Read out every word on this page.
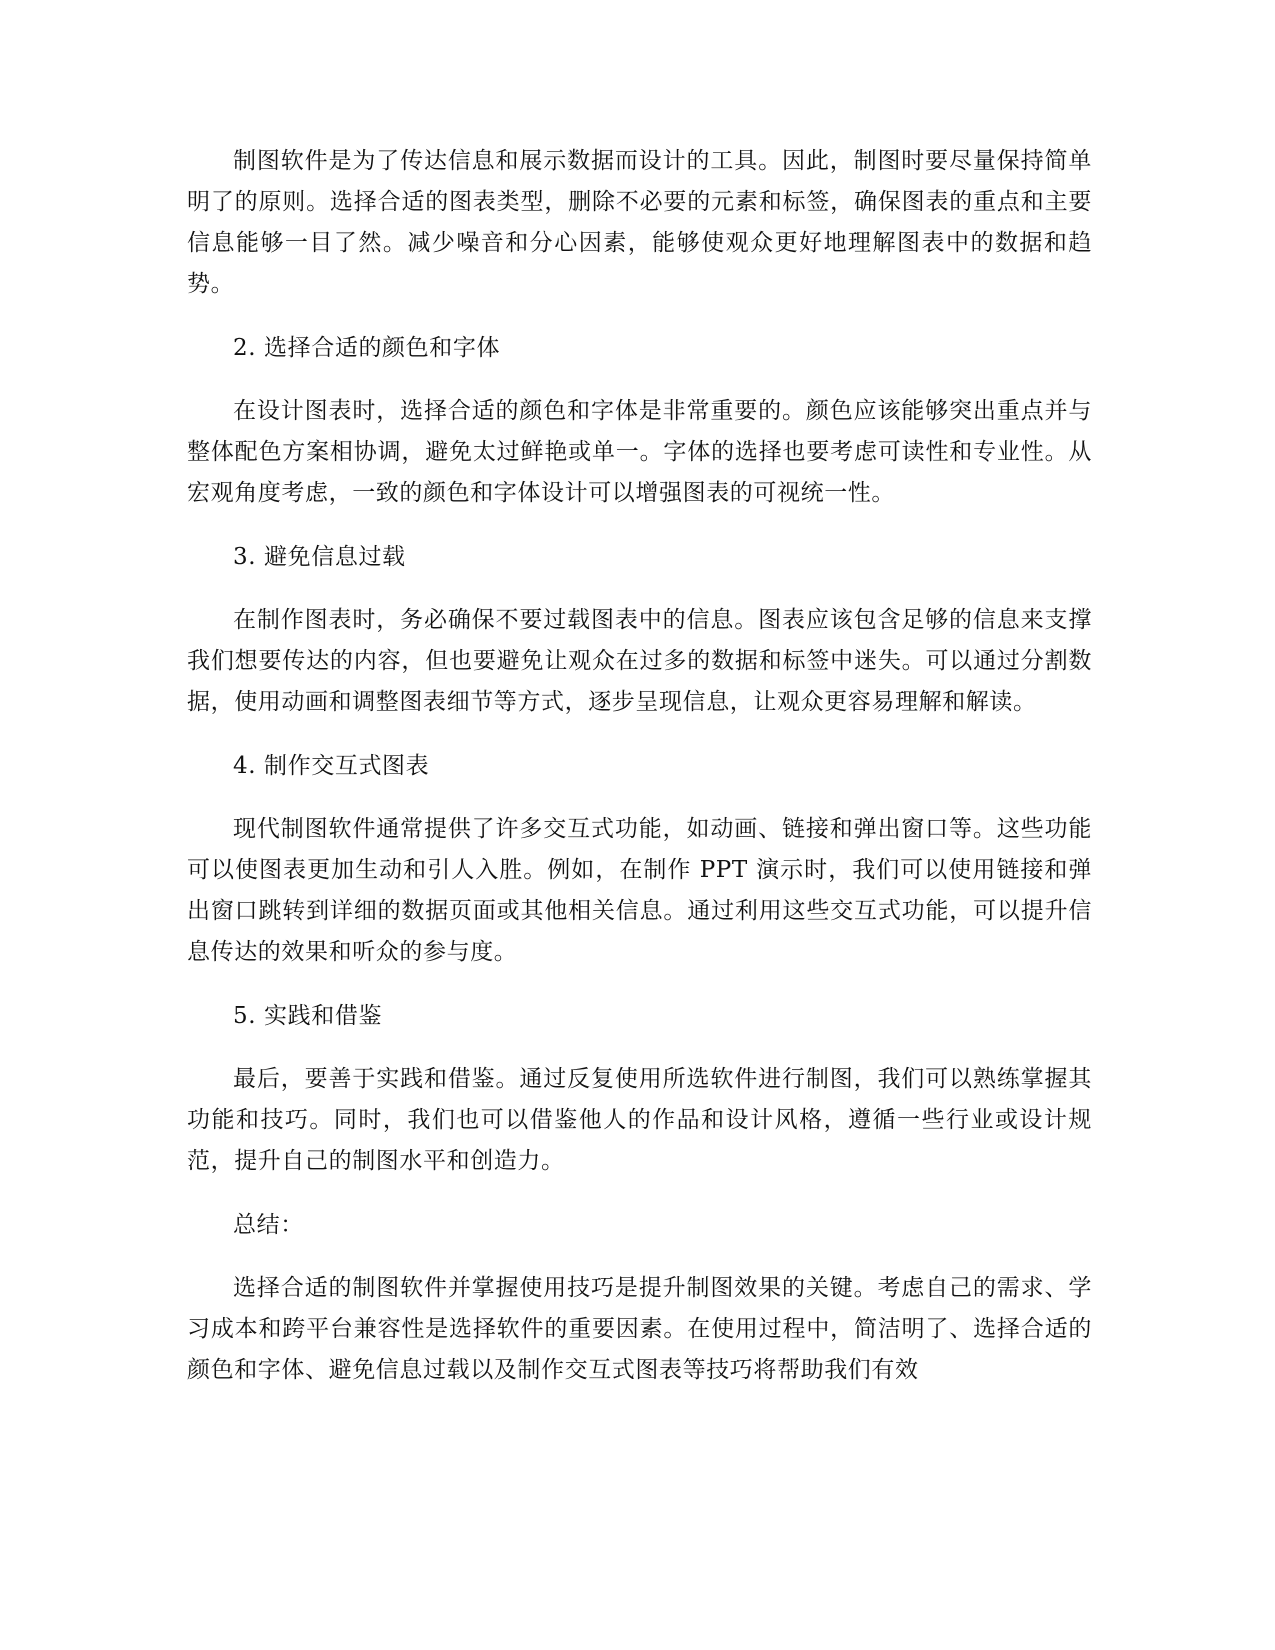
制图软件是为了传达信息和展示数据而设计的工具。因此，制图时要尽量保持简单明了的原则。选择合适的图表类型，删除不必要的元素和标签，确保图表的重点和主要信息能够一目了然。减少噪音和分心因素，能够使观众更好地理解图表中的数据和趋势。

2. 选择合适的颜色和字体

在设计图表时，选择合适的颜色和字体是非常重要的。颜色应该能够突出重点并与整体配色方案相协调，避免太过鲜艳或单一。字体的选择也要考虑可读性和专业性。从宏观角度考虑，一致的颜色和字体设计可以增强图表的可视统一性。

3. 避免信息过载

在制作图表时，务必确保不要过载图表中的信息。图表应该包含足够的信息来支撑我们想要传达的内容，但也要避免让观众在过多的数据和标签中迷失。可以通过分割数据，使用动画和调整图表细节等方式，逐步呈现信息，让观众更容易理解和解读。

4. 制作交互式图表

现代制图软件通常提供了许多交互式功能，如动画、链接和弹出窗口等。这些功能可以使图表更加生动和引人入胜。例如，在制作 PPT 演示时，我们可以使用链接和弹出窗口跳转到详细的数据页面或其他相关信息。通过利用这些交互式功能，可以提升信息传达的效果和听众的参与度。

5. 实践和借鉴

最后，要善于实践和借鉴。通过反复使用所选软件进行制图，我们可以熟练掌握其功能和技巧。同时，我们也可以借鉴他人的作品和设计风格，遵循一些行业或设计规范，提升自己的制图水平和创造力。

总结：

选择合适的制图软件并掌握使用技巧是提升制图效果的关键。考虑自己的需求、学习成本和跨平台兼容性是选择软件的重要因素。在使用过程中，简洁明了、选择合适的颜色和字体、避免信息过载以及制作交互式图表等技巧将帮助我们有效
